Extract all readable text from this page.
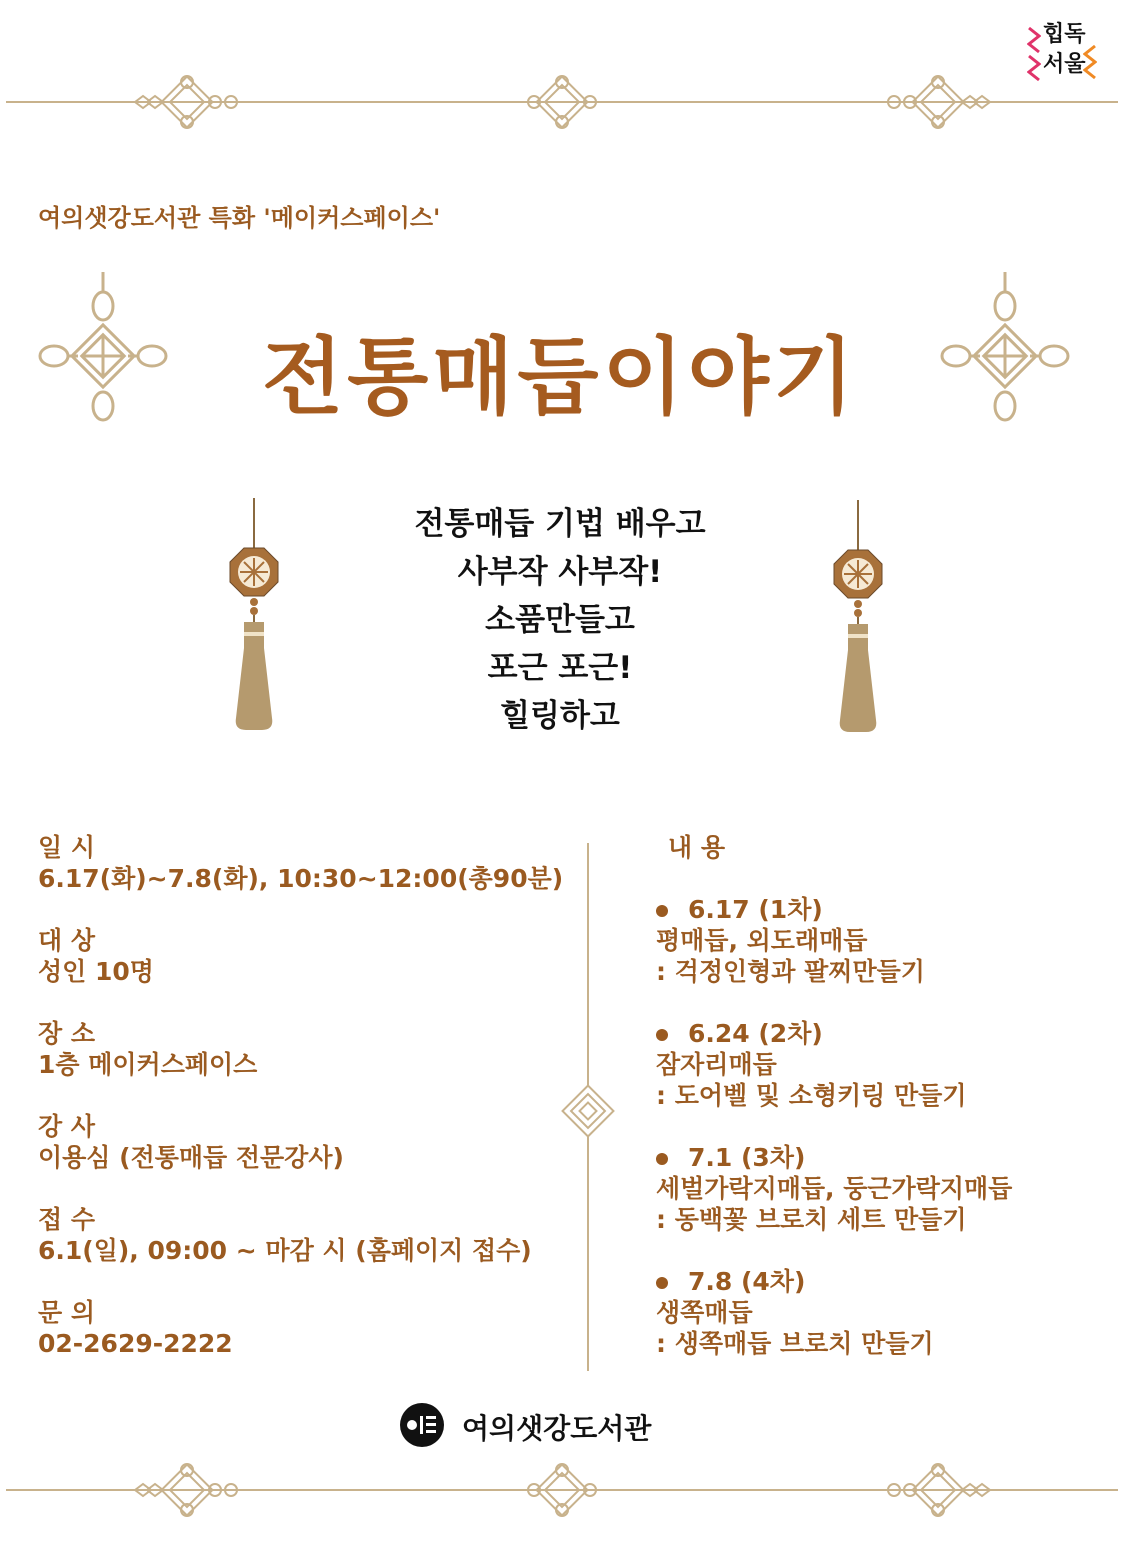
힙독
서울
여의샛강도서관 특화 '메이커스페이스'
전통매듭이야기
전통매듭 기법 배우고
사부작 사부작!
소품만들고
포근 포근!
힐링하고
일 시
6.17(화)~7.8(화), 10:30~12:00(총90분)
대 상
성인 10명
장 소
1층 메이커스페이스
강 사
이용심 (전통매듭 전문강사)
접 수
6.1(일), 09:00 ~ 마감 시 (홈페이지 접수)
문 의
02-2629-2222
내 용
6.17 (1차)
평매듭, 외도래매듭
: 걱정인형과 팔찌만들기
6.24 (2차)
잠자리매듭
: 도어벨 및 소형키링 만들기
7.1 (3차)
세벌가락지매듭, 둥근가락지매듭
: 동백꽃 브로치 세트 만들기
7.8 (4차)
생쪽매듭
: 생쪽매듭 브로치 만들기
여의샛강도서관
